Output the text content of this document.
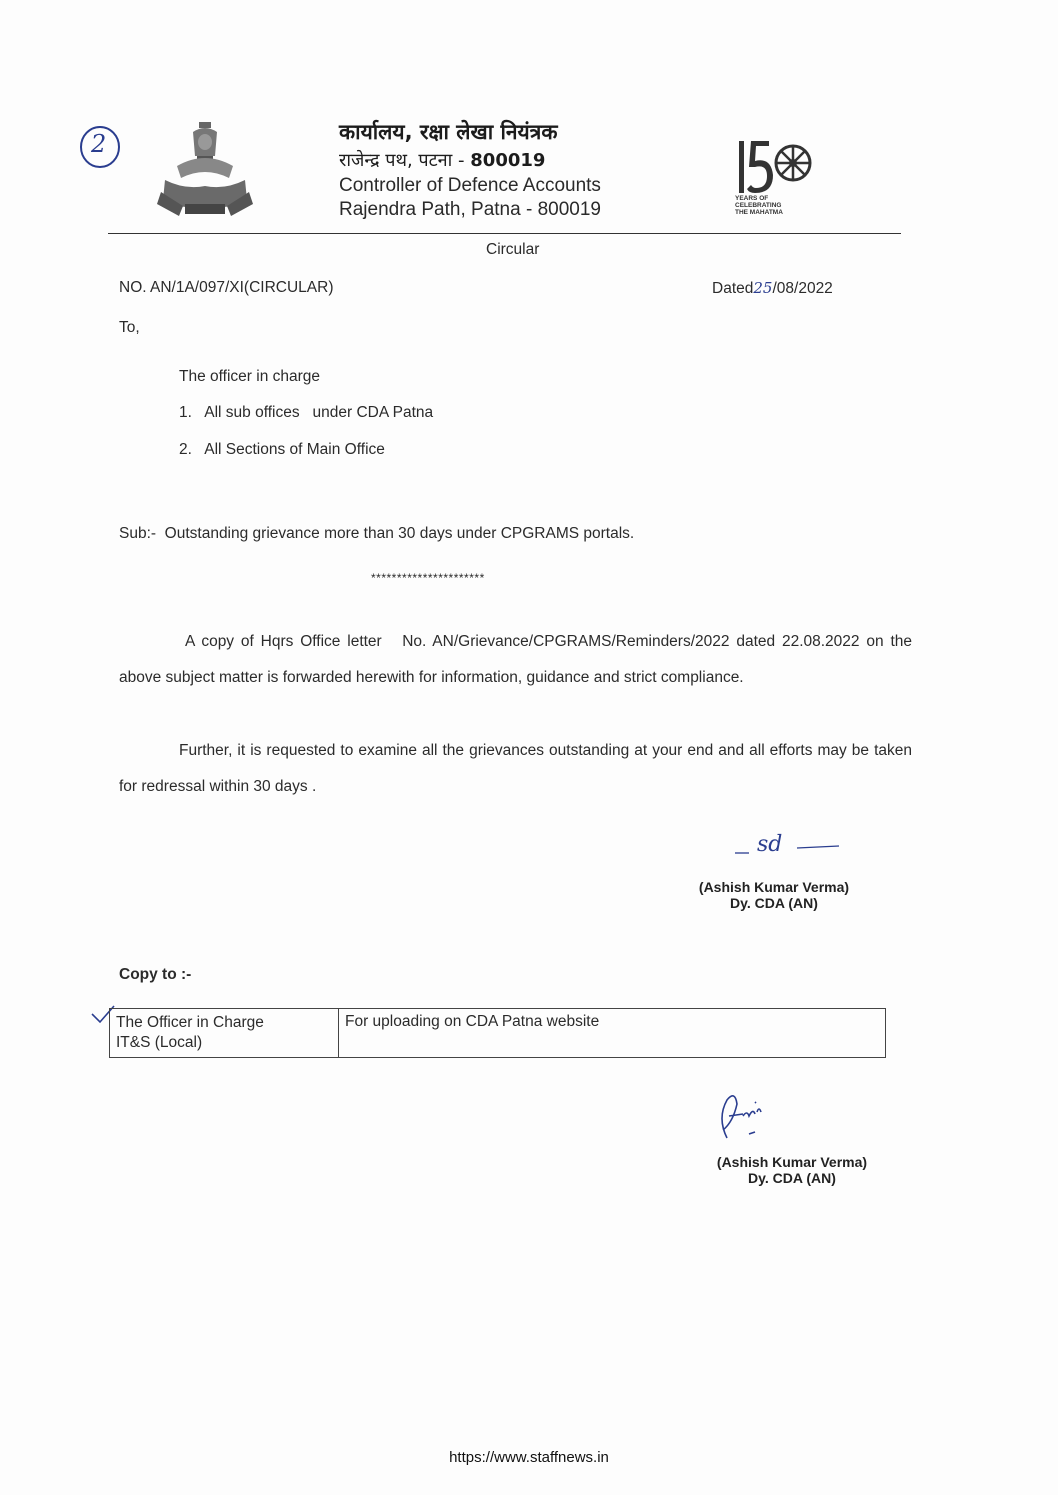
2	कार्यालय, रक्षा लेखा नियंत्रक
राजेन्द्र पथ, पटना - 800019
Controller of Defence Accounts
Rajendra Path, Patna - 800019
YEARS OF
CELEBRATING
THE MAHATMA
Circular
NO. AN/1A/097/XI(CIRCULAR)	Dated25/08/2022
To,
The officer in charge
1. All sub offices   under CDA Patna
2. All Sections of Main Office
Sub:-  Outstanding grievance more than 30 days under CPGRAMS portals.
**********************
A copy of Hqrs Office letter   No. AN/Grievance/CPGRAMS/Reminders/2022 dated 22.08.2022 on the above subject matter is forwarded herewith for information, guidance and strict compliance.
Further, it is requested to examine all the grievances outstanding at your end and all efforts may be taken for redressal within 30 days .
sd
(Ashish Kumar Verma)
Dy. CDA (AN)
Copy to :-
The Officer in Charge
IT&S (Local)
	For uploading on CDA Patna website
(Ashish Kumar Verma)
Dy. CDA (AN)
https://www.staffnews.in
